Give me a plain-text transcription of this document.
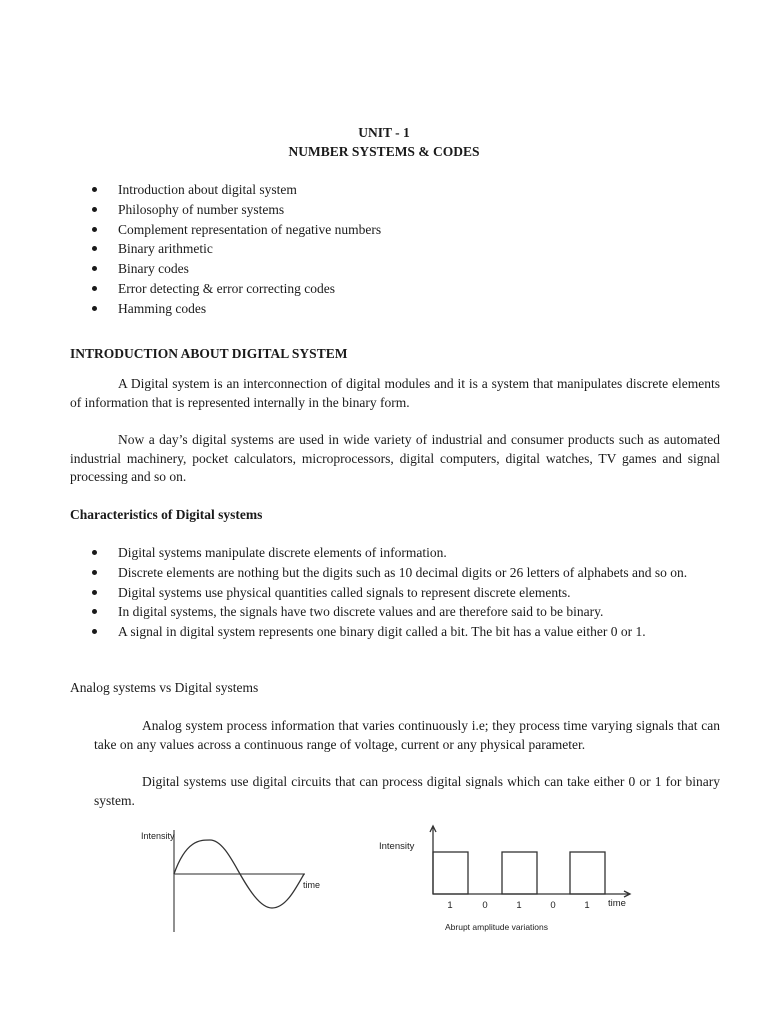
UNIT - 1
NUMBER SYSTEMS & CODES
Introduction about digital system
Philosophy of number systems
Complement representation of negative numbers
Binary arithmetic
Binary codes
Error detecting & error correcting codes
Hamming codes
INTRODUCTION ABOUT DIGITAL SYSTEM
A Digital system is an interconnection of digital modules and it is a system that manipulates discrete elements of information that is represented internally in the binary form.
Now a day’s digital systems are used in wide variety of industrial and consumer products such as automated industrial machinery, pocket calculators, microprocessors, digital computers, digital watches, TV games and signal processing and so on.
Characteristics of Digital systems
Digital systems manipulate discrete elements of information.
Discrete elements are nothing but the digits such as 10 decimal digits or 26 letters of alphabets and so on.
Digital systems use physical quantities called signals to represent discrete elements.
In digital systems, the signals have two discrete values and are therefore said to be binary.
A signal in digital system represents one binary digit called a bit. The bit has a value either 0 or 1.
Analog systems vs Digital systems
Analog system process information that varies continuously i.e; they process time varying signals that can take on any values across a continuous range of voltage, current or any physical parameter.
Digital systems use digital circuits that can process digital signals which can take either 0 or 1 for binary system.
Intensity
time
Intensity
time
1	0	1	0	1
Abrupt amplitude variations
